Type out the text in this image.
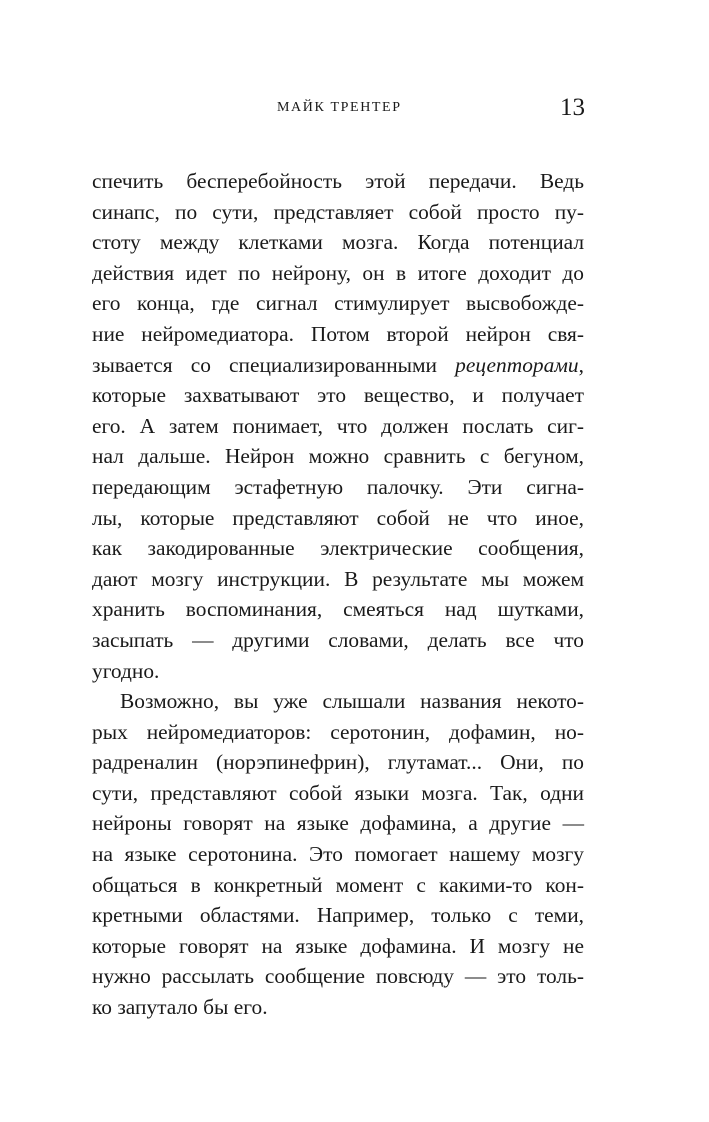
МАЙК ТРЕНТЕР	13
спечить бесперебойность этой передачи. Ведь
синапс, по сути, представляет собой просто пу-
стоту между клетками мозга. Когда потенциал
действия идет по нейрону, он в итоге доходит до
его конца, где сигнал стимулирует высвобожде-
ние нейромедиатора. Потом второй нейрон свя-
зывается со специализированными рецепторами,
которые захватывают это вещество, и получает
его. А затем понимает, что должен послать сиг-
нал дальше. Нейрон можно сравнить с бегуном,
передающим эстафетную палочку. Эти сигна-
лы, которые представляют собой не что иное,
как закодированные электрические сообщения,
дают мозгу инструкции. В результате мы можем
хранить воспоминания, смеяться над шутками,
засыпать — другими словами, делать все что
угодно.
Возможно, вы уже слышали названия некото-
рых нейромедиаторов: серотонин, дофамин, но-
радреналин (норэпинефрин), глутамат... Они, по
сути, представляют собой языки мозга. Так, одни
нейроны говорят на языке дофамина, а другие —
на языке серотонина. Это помогает нашему мозгу
общаться в конкретный момент с какими-то кон-
кретными областями. Например, только с теми,
которые говорят на языке дофамина. И мозгу не
нужно рассылать сообщение повсюду — это толь-
ко запутало бы его.
